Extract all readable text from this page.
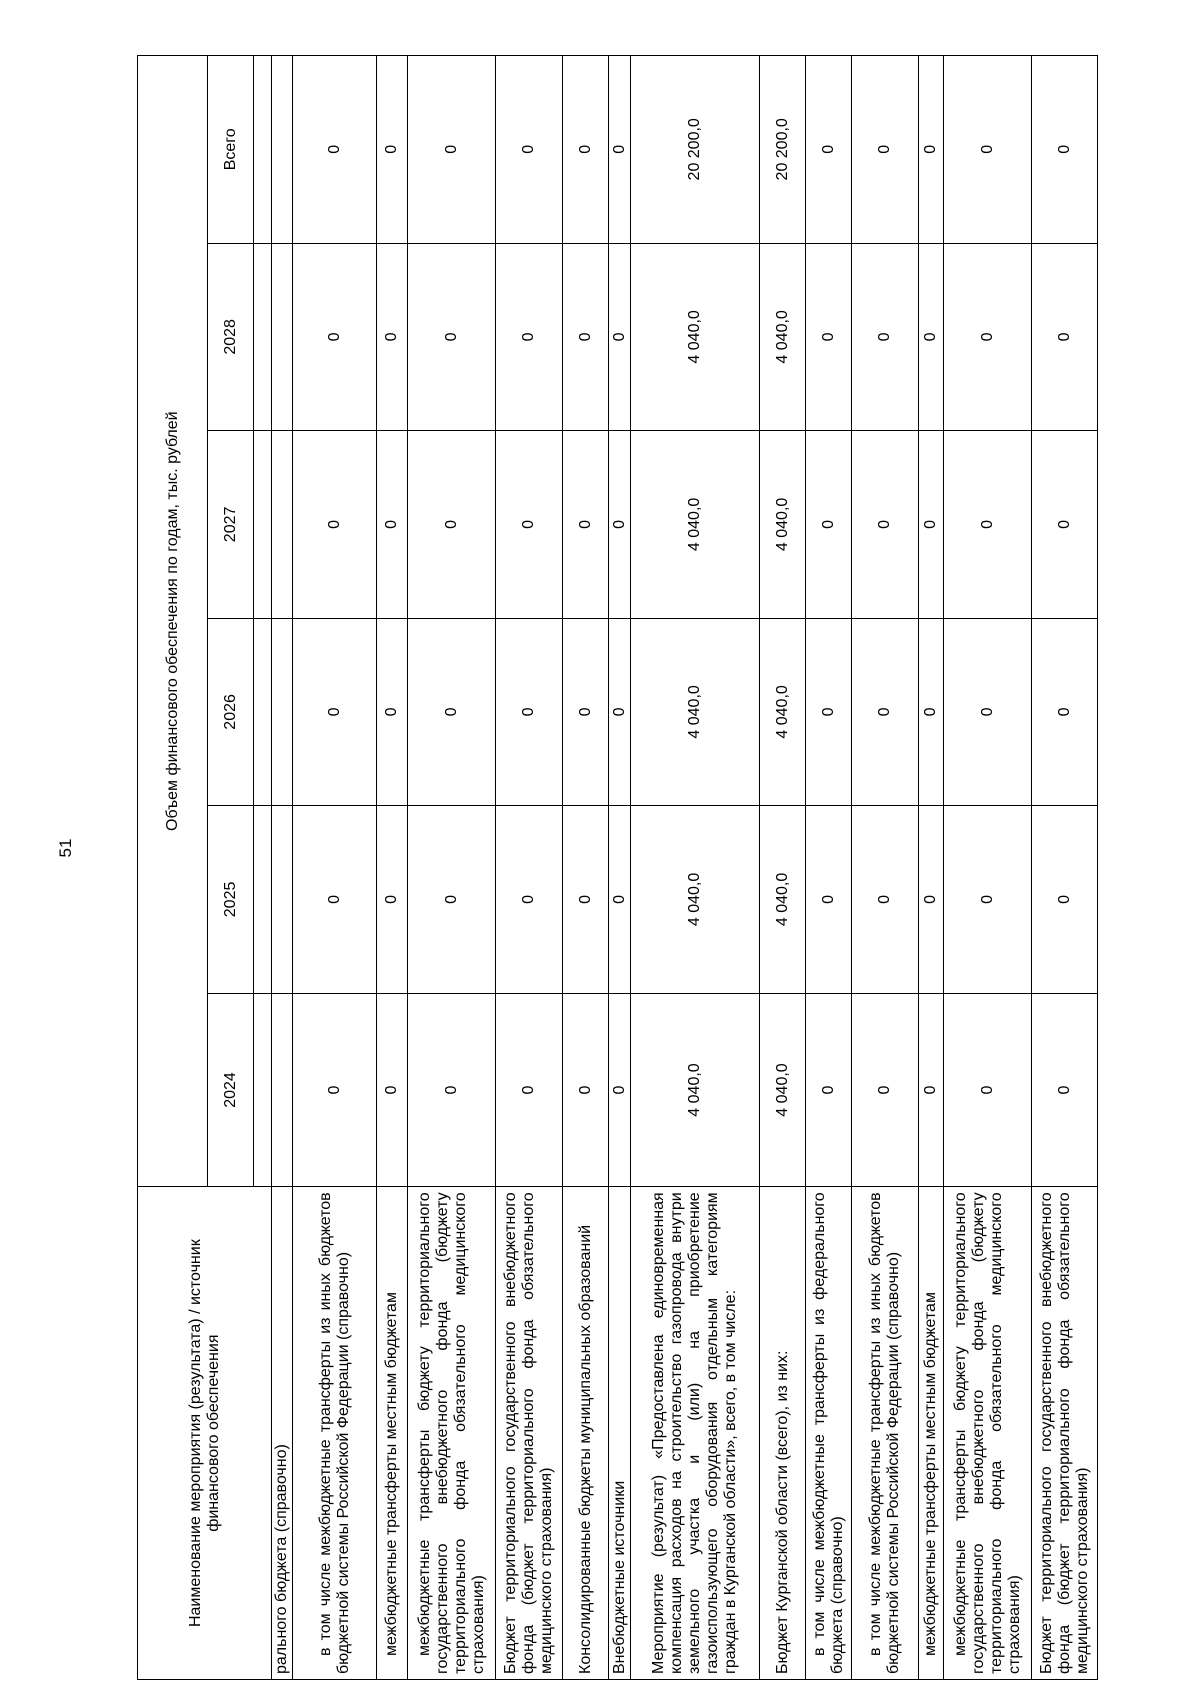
51
Наименование мероприятия (результата) / источник финансового обеспечения	Объем финансового обеспечения по годам, тыс. рублей					
	2024	2025	2026	2027	2028	Всего

рального бюджета (справочно)						
в том числе межбюджетные трансферты из иных бюджетов бюджетной системы Российской Федерации (справочно)	0	0	0	0	0	0
межбюджетные трансферты местным бюджетам	0	0	0	0	0	0
межбюджетные трансферты бюджету территориального государственного внебюджетного фонда (бюджету территориального фонда обязательного медицинского страхования)	0	0	0	0	0	0
Бюджет территориального государственного внебюджетного фонда (бюджет территориального фонда обязательного медицинского страхования)	0	0	0	0	0	0
Консолидированные бюджеты муниципальных образований	0	0	0	0	0	0
Внебюджетные источники	0	0	0	0	0	0
Мероприятие (результат) «Предоставлена единовременная компенсация расходов на строительство газопровода внутри земельного участка и (или) на приобретение газоиспользующего оборудования отдельным категориям граждан в Курганской области», всего, в том числе:	4 040,0	4 040,0	4 040,0	4 040,0	4 040,0	20 200,0
Бюджет Курганской области (всего), из них:	4 040,0	4 040,0	4 040,0	4 040,0	4 040,0	20 200,0
в том числе межбюджетные трансферты из федерального бюджета (справочно)	0	0	0	0	0	0
в том числе межбюджетные трансферты из иных бюджетов бюджетной системы Российской Федерации (справочно)	0	0	0	0	0	0
межбюджетные трансферты местным бюджетам	0	0	0	0	0	0
межбюджетные трансферты бюджету территориального государственного внебюджетного фонда (бюджету территориального фонда обязательного медицинского страхования)	0	0	0	0	0	0
Бюджет территориального государственного внебюджетного фонда (бюджет территориального фонда обязательного медицинского страхования)	0	0	0	0	0	0
